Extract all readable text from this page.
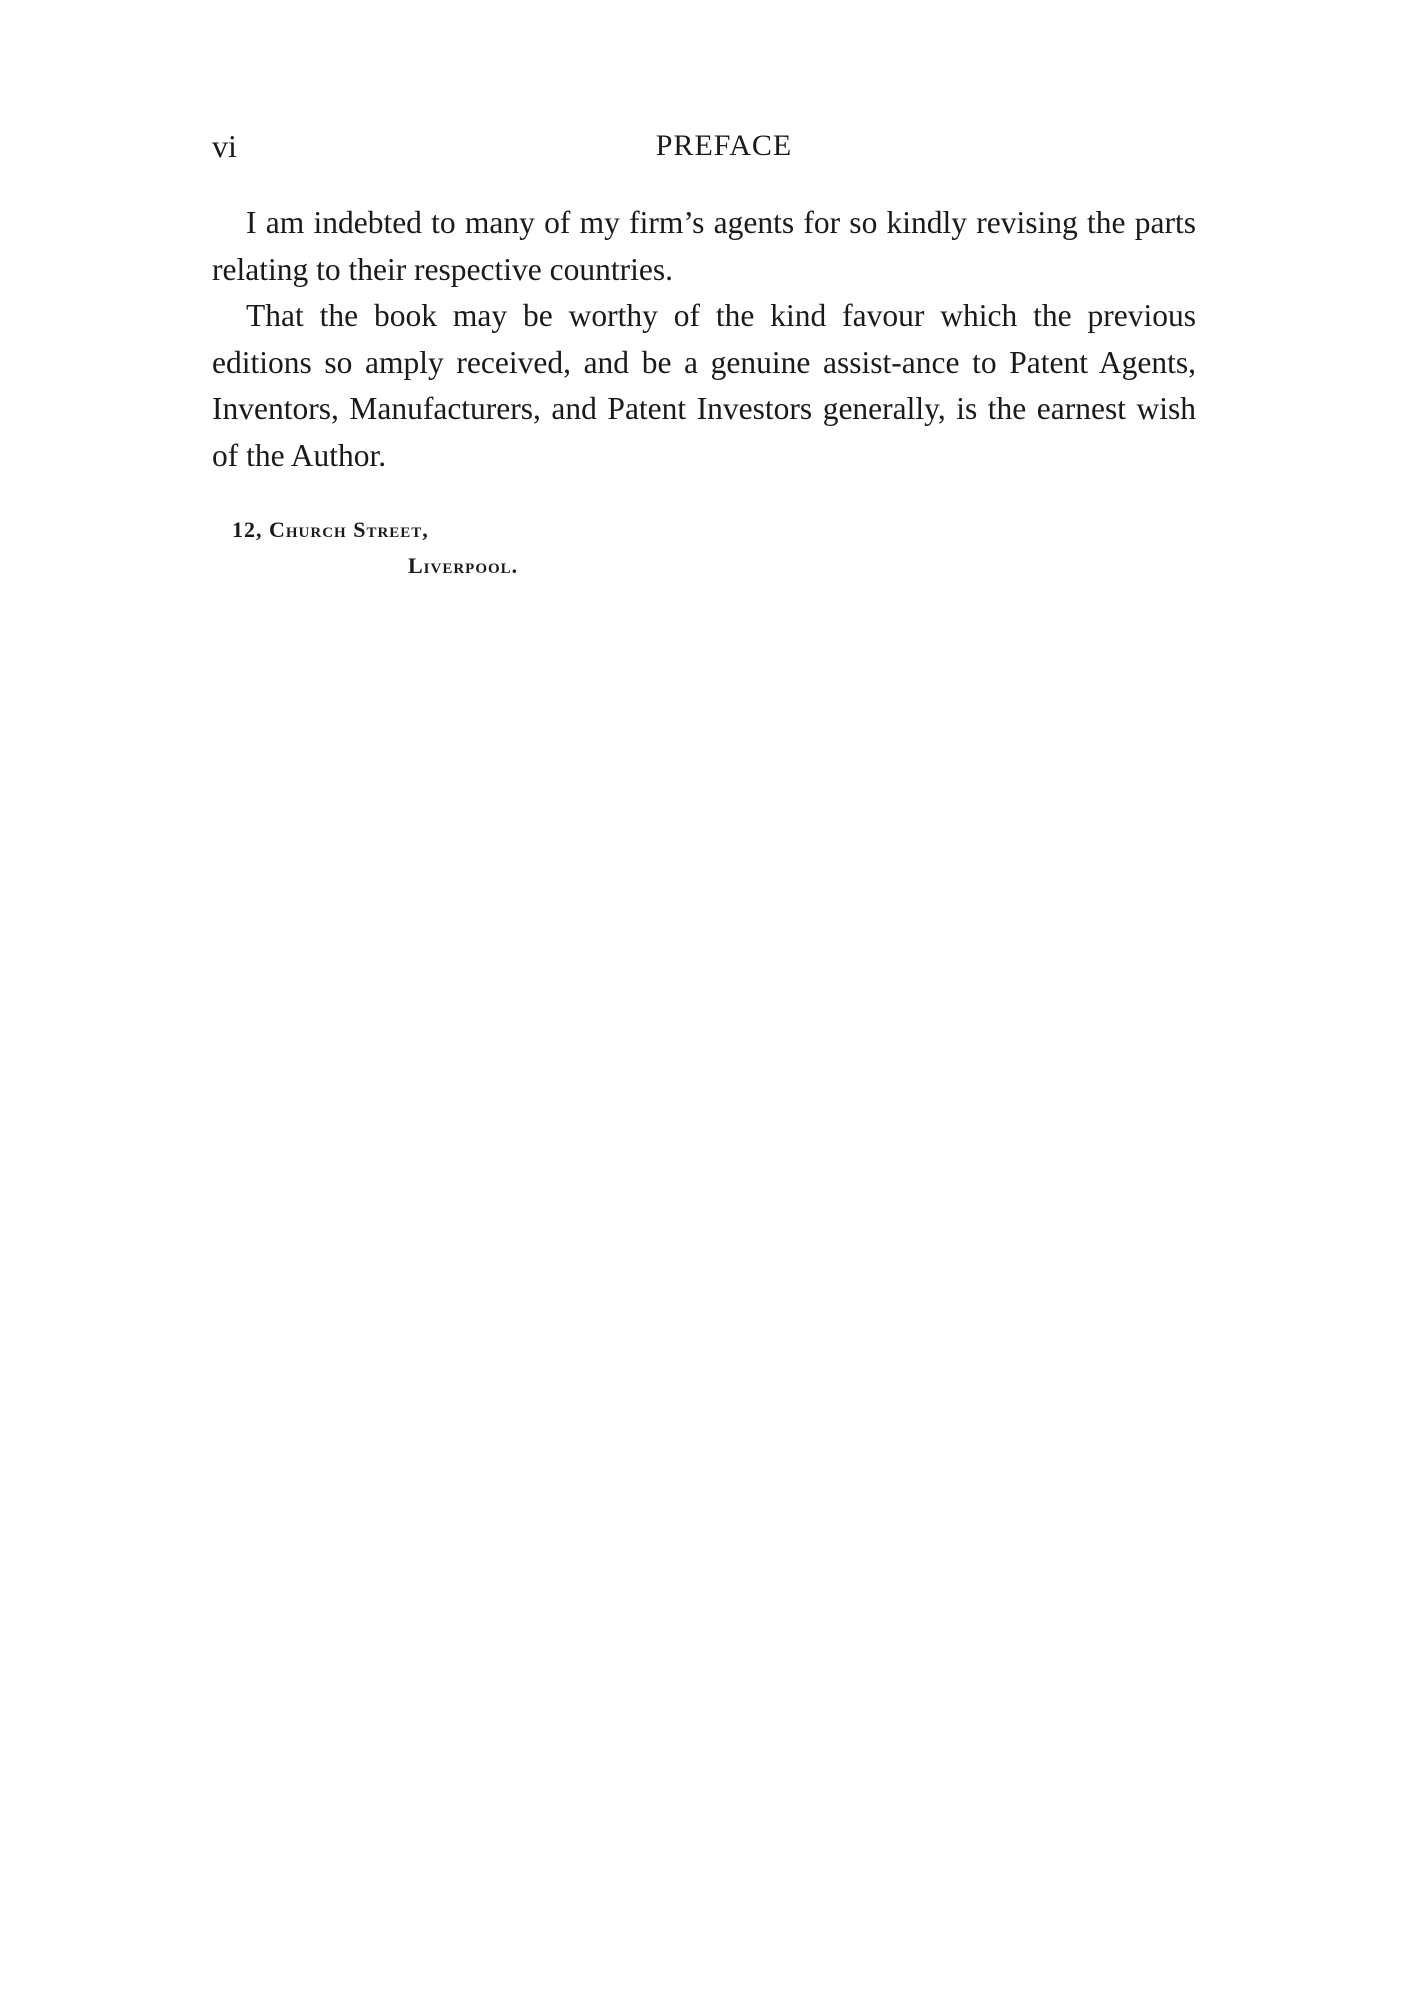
vi	PREFACE

I am indebted to many of my firm’s agents for so kindly revising the parts relating to their respective countries.

That the book may be worthy of the kind favour which the previous editions so amply received, and be a genuine assist-ance to Patent Agents, Inventors, Manufacturers, and Patent Investors generally, is the earnest wish of the Author.

12, Church Street,
Liverpool.
